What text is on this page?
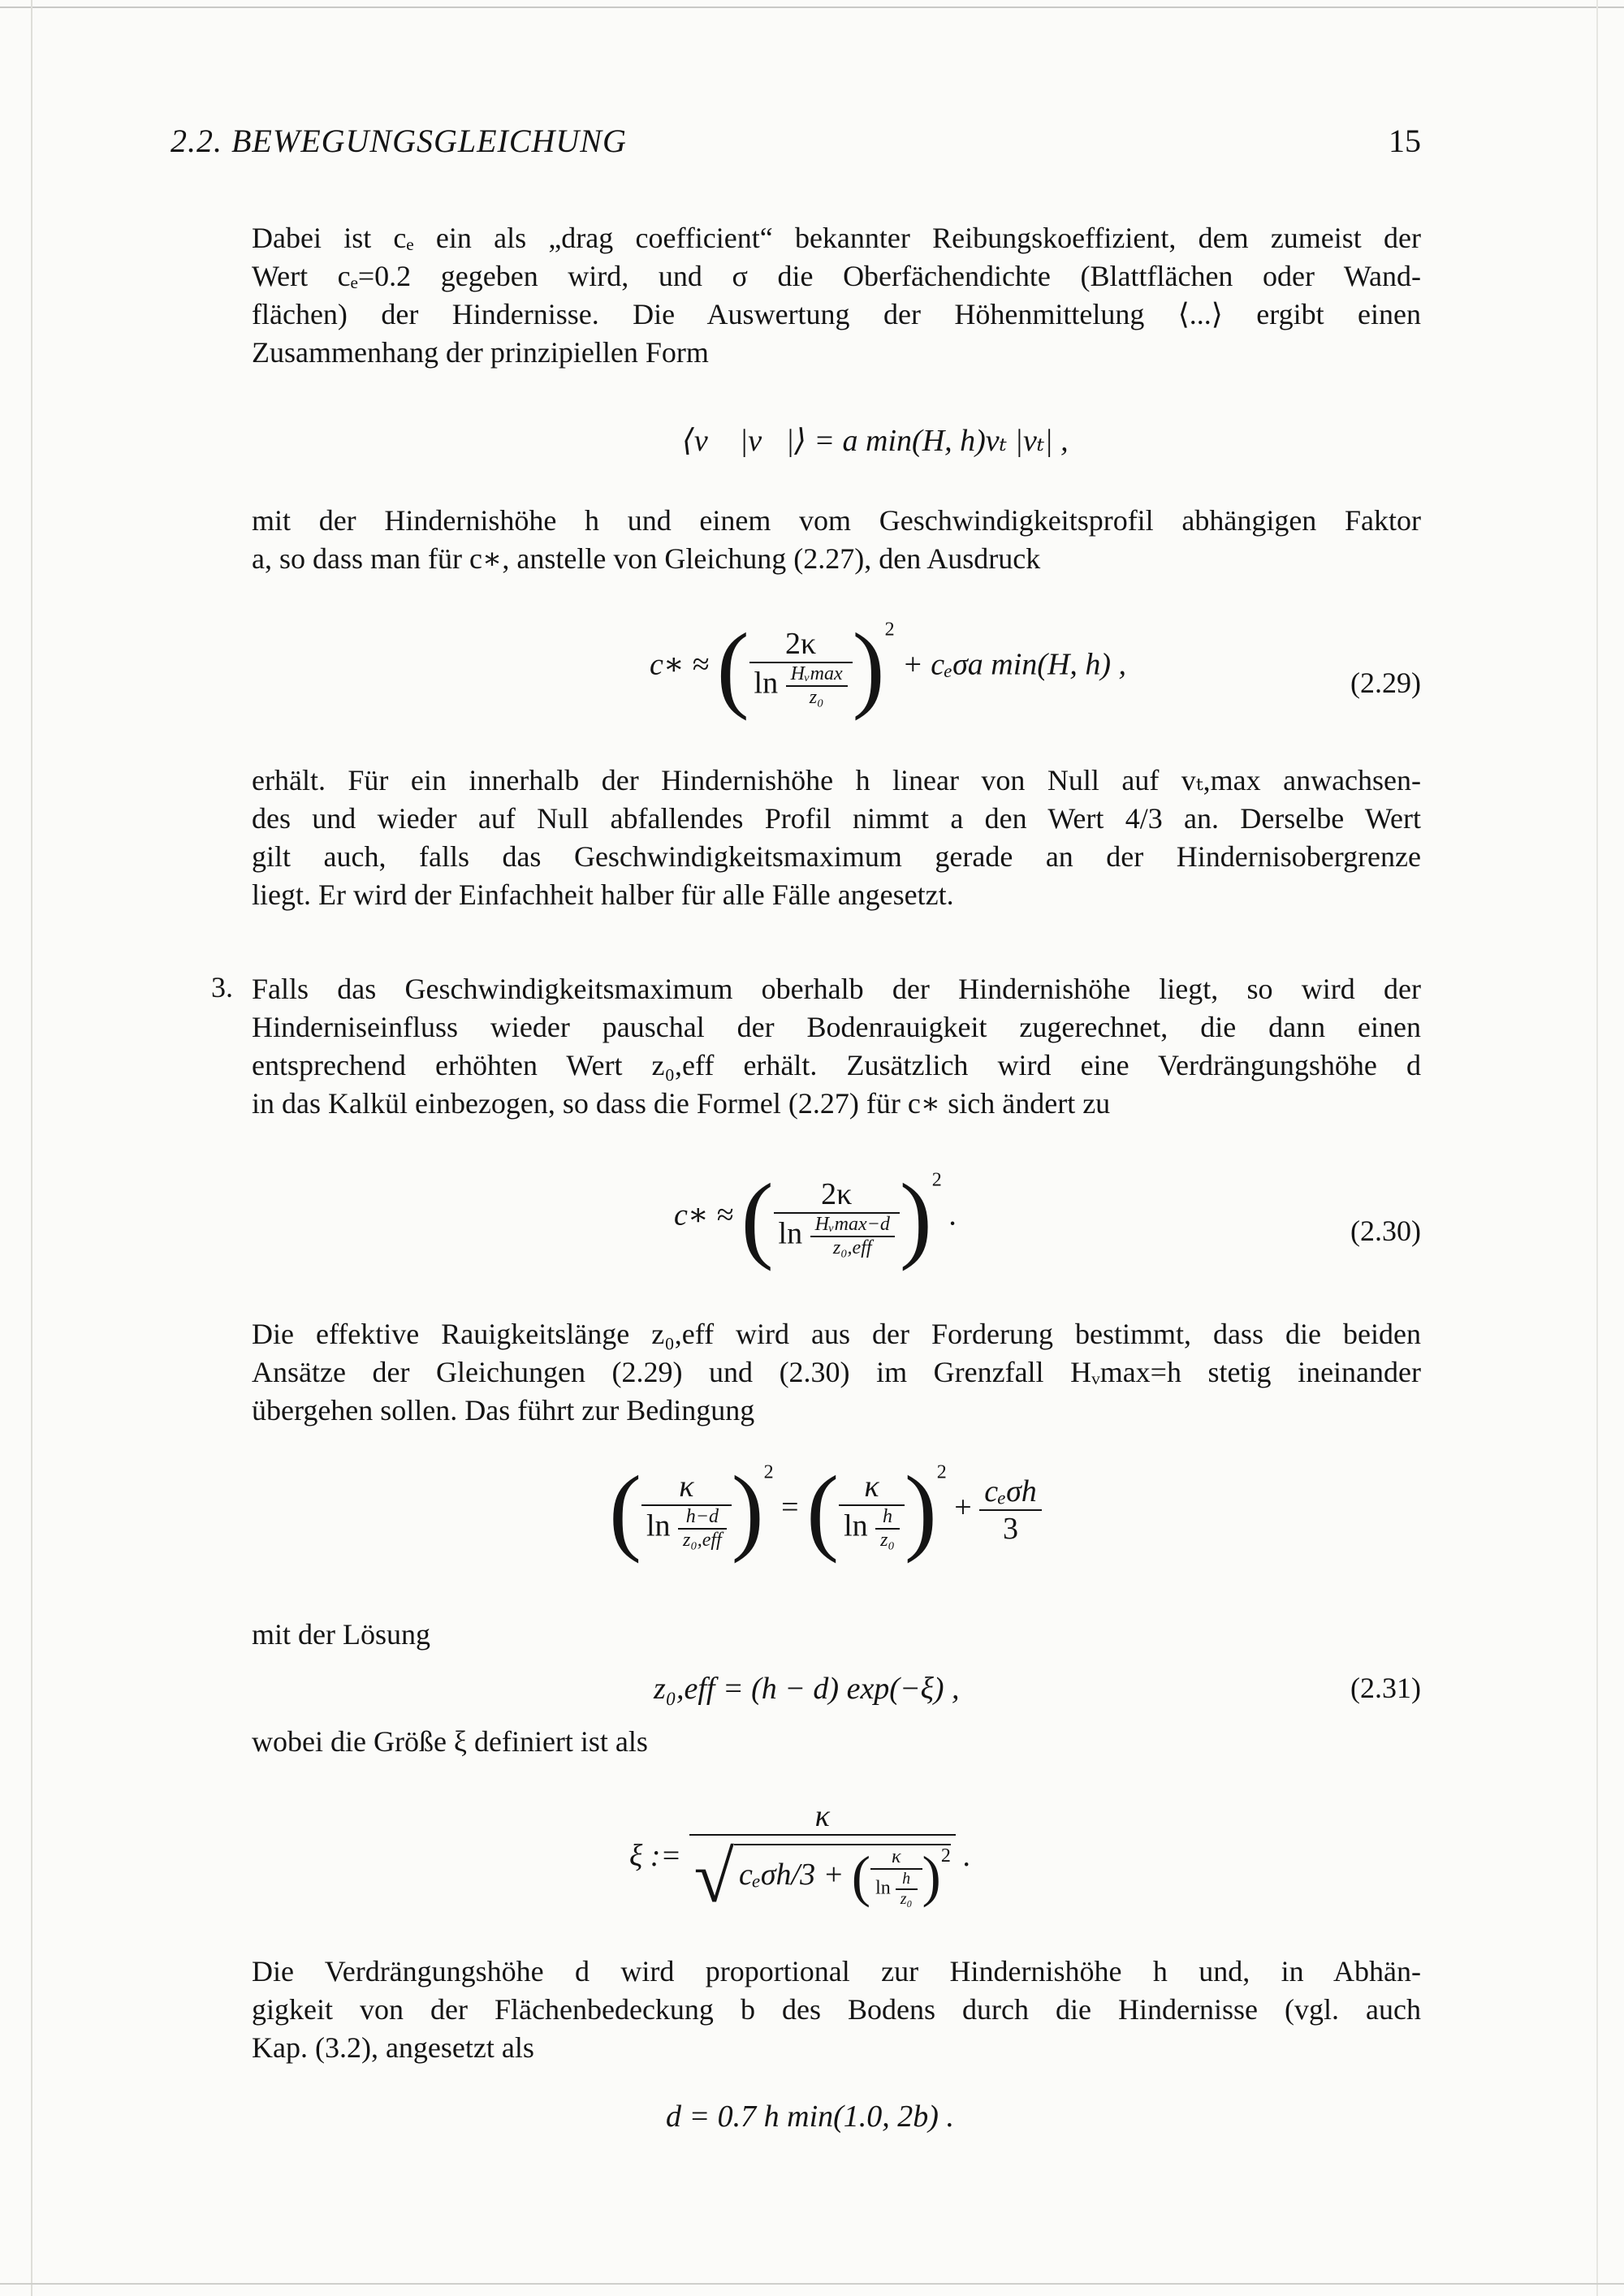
2.2. BEWEGUNGSGLEICHUNG	15
Dabei ist cₑ ein als „drag coefficient“ bekannter Reibungskoeffizient, dem zumeist der
Wert cₑ=0.2 gegeben wird, und σ die Oberfächendichte (Blattflächen oder Wand-
flächen) der Hindernisse. Die Auswertung der Höhenmittelung ⟨...⟩ ergibt einen
Zusammenhang der prinzipiellen Form
⟨v⃗ |v⃗|⟩ = a min(H, h)vₜ |vₜ| ,
mit der Hindernishöhe h und einem vom Geschwindigkeitsprofil abhängigen Faktor
a, so dass man für c∗, anstelle von Gleichung (2.27), den Ausdruck
c∗ ≈ ( $\frac{2\kappa}{\ln \frac{\text{Hᵥmax}}{\text{z₀}}} )^2 + c_e\sigma a$ min(H, h) ,
(2.29)
erhält. Für ein innerhalb der Hindernishöhe h linear von Null auf vₜ,max anwachsen-
des und wieder auf Null abfallendes Profil nimmt a den Wert 4/3 an. Derselbe Wert
gilt auch, falls das Geschwindigkeitsmaximum gerade an der Hindernisobergrenze
liegt. Er wird der Einfachheit halber für alle Fälle angesetzt.
3. Falls das Geschwindigkeitsmaximum oberhalb der Hindernishöhe liegt, so wird der
Hinderniseinfluss wieder pauschal der Bodenrauigkeit zugerechnet, die dann einen
entsprechend erhöhten Wert z₀,eff erhält. Zusätzlich wird eine Verdrängungshöhe d
in das Kalkül einbezogen, so dass die Formel (2.27) für c∗ sich ändert zu
c∗ ≈ ( $\frac{2\kappa}{\ln \frac{\text{Hᵥmax−d}}{\text{z₀,eff}}} )^2$ .	(2.30)
Die effektive Rauigkeitslänge z₀,eff wird aus der Forderung bestimmt, dass die beiden
Ansätze der Gleichungen (2.29) und (2.30) im Grenzfall Hᵥmax=h stetig ineinander
übergehen sollen. Das führt zur Bedingung
( $\frac{\kappa}{\ln \frac{h-d}{\text{z₀,eff}}} )^2$ = ( $\frac{\kappa}{\ln \frac{h}{\text{z₀}}} )^2 + \frac{\text{cₑσh}}{3}$
mit der Lösung
z₀,eff = (h − d) exp(−ξ) ,	(2.31)
wobei die Größe ξ definiert ist als
ξ := $\frac{\kappa}{√ c_e\sigma h/3 + ( \frac{\kappa}{\ln \frac{h}{\text{z₀}}} )^2}$ .
Die Verdrängungshöhe d wird proportional zur Hindernishöhe h und, in Abhän-
gigkeit von der Flächenbedeckung b des Bodens durch die Hindernisse (vgl. auch
Kap. (3.2), angesetzt als
d = 0.7 h min(1.0, 2b) .
